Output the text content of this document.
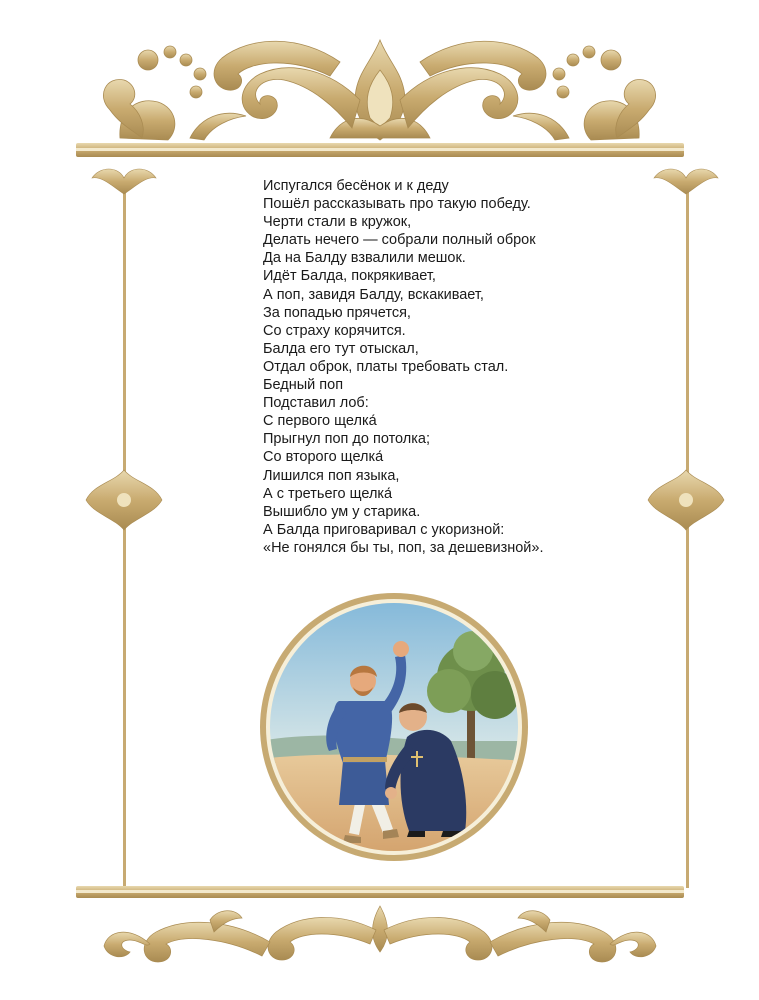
Испугался бесёнок и к деду
Пошёл рассказывать про такую победу.
Черти стали в кружок,
Делать нечего — собрали полный оброк
Да на Балду взвалили мешок.
Идёт Балда, покрякивает,
А поп, завидя Балду, вскакивает,
За попадью прячется,
Со страху корячится.
Балда его тут отыскал,
Отдал оброк, платы требовать стал.
Бедный поп
Подставил лоб:
С первого щелка́
Прыгнул поп до потолка;
Со второго щелка́
Лишился поп языка,
А с третьего щелка́
Вышибло ум у старика.
А Балда приговаривал с укоризной:
«Не гонялся бы ты, поп, за дешевизной».
